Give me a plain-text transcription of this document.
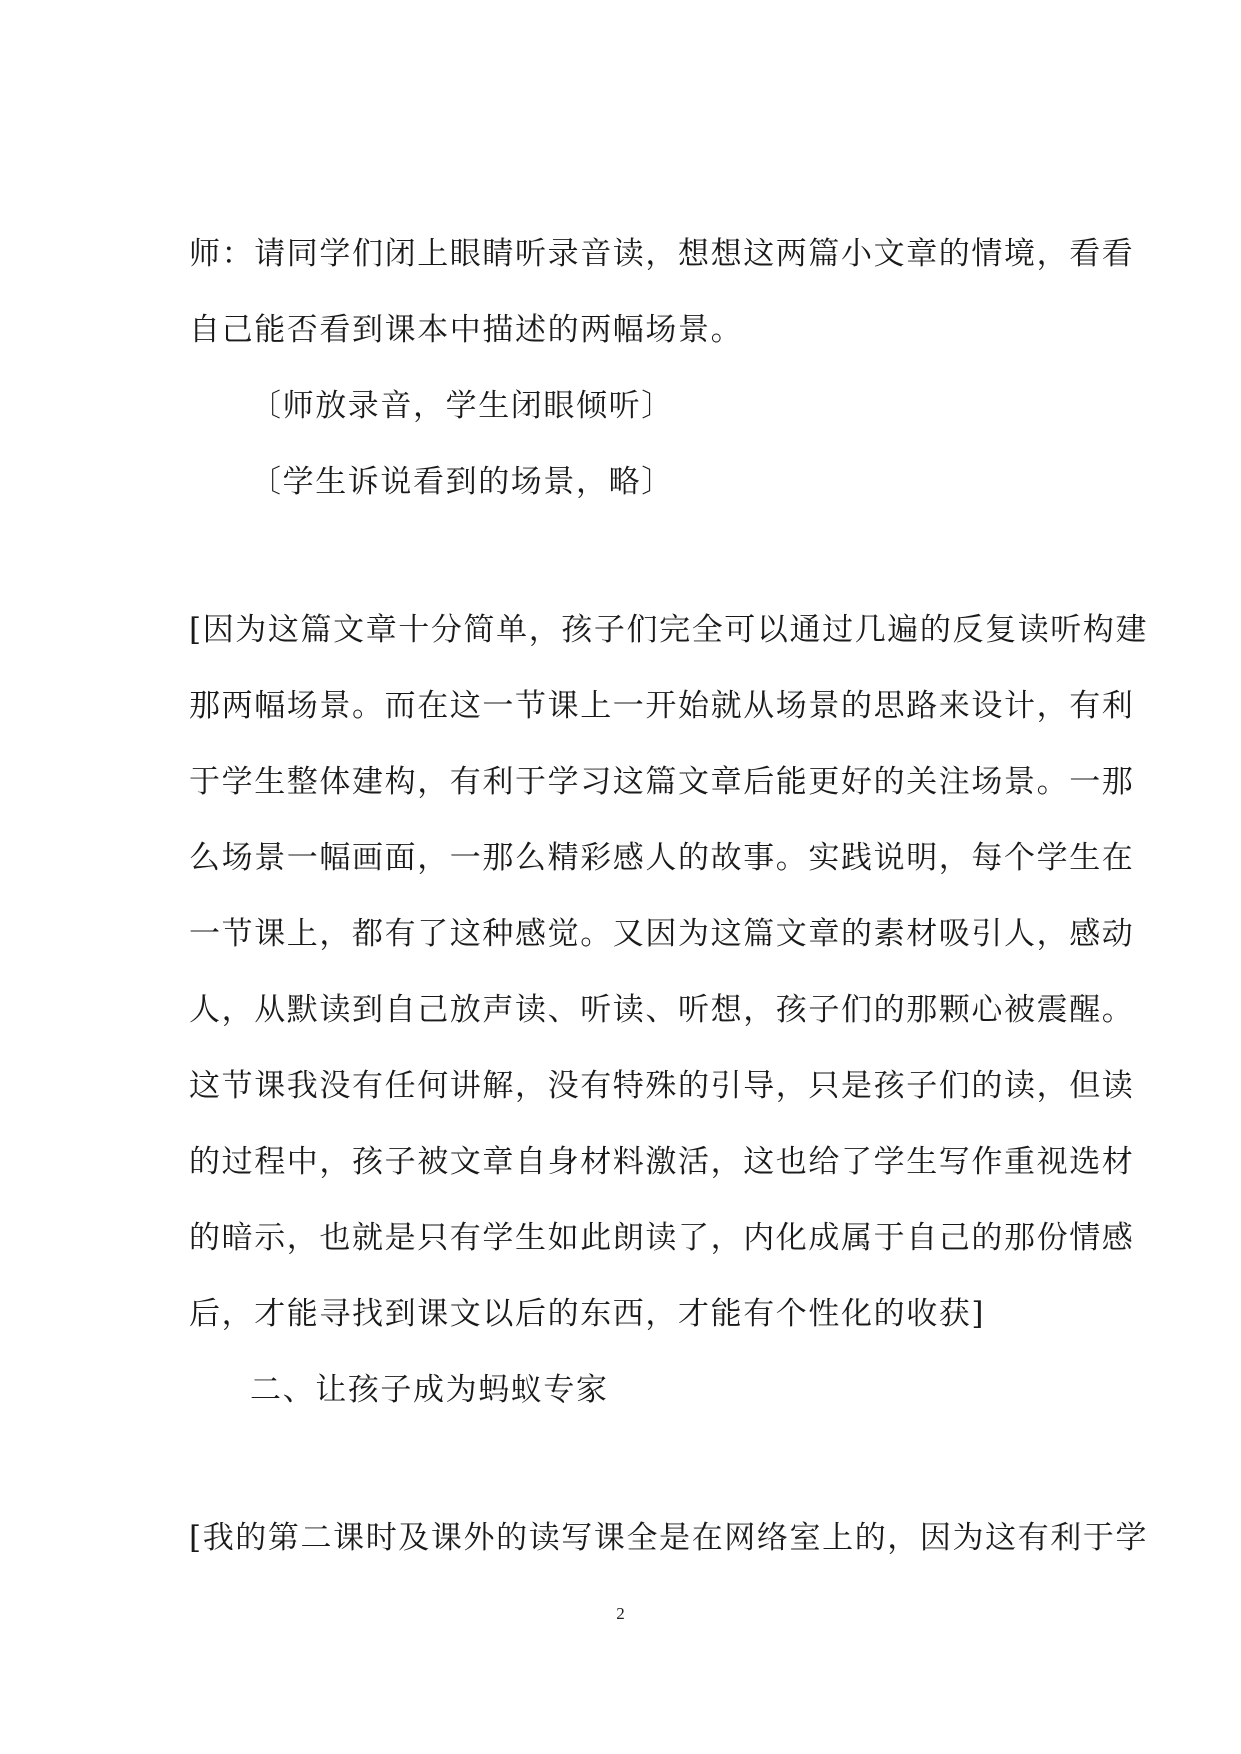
师：请同学们闭上眼睛听录音读，想想这两篇小文章的情境，看看
自己能否看到课本中描述的两幅场景。
〔师放录音，学生闭眼倾听〕
〔学生诉说看到的场景，略〕
[因为这篇文章十分简单，孩子们完全可以通过几遍的反复读听构建
那两幅场景。而在这一节课上一开始就从场景的思路来设计，有利
于学生整体建构，有利于学习这篇文章后能更好的关注场景。一那
么场景一幅画面，一那么精彩感人的故事。实践说明，每个学生在
一节课上，都有了这种感觉。又因为这篇文章的素材吸引人，感动
人，从默读到自己放声读、听读、听想，孩子们的那颗心被震醒。
这节课我没有任何讲解，没有特殊的引导，只是孩子们的读，但读
的过程中，孩子被文章自身材料激活，这也给了学生写作重视选材
的暗示，也就是只有学生如此朗读了，内化成属于自己的那份情感
后，才能寻找到课文以后的东西，才能有个性化的收获]
二、让孩子成为蚂蚁专家
[我的第二课时及课外的读写课全是在网络室上的，因为这有利于学
2
